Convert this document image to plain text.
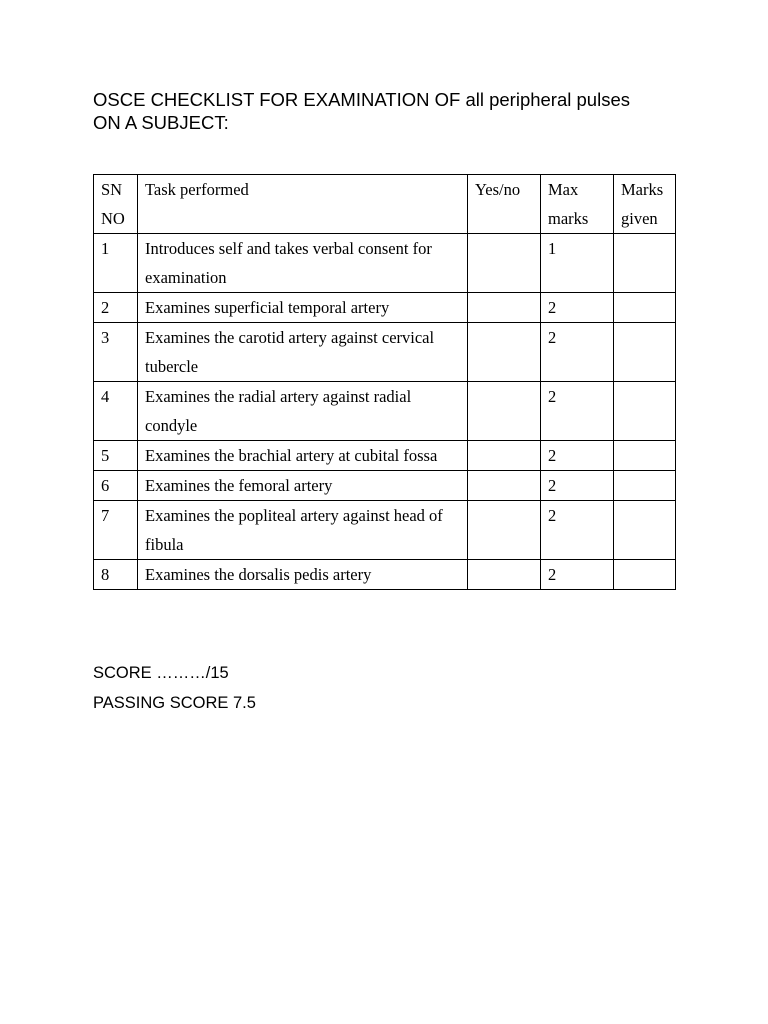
OSCE CHECKLIST FOR EXAMINATION OF all peripheral pulses
ON A SUBJECT:
SN NO	Task performed	Yes/no	Max marks	Marks given
1	Introduces self and takes verbal consent for examination		1	
2	Examines superficial temporal artery		2	
3	Examines the carotid artery against cervical tubercle		2	
4	Examines the radial artery against radial condyle		2	
5	Examines the brachial artery at cubital fossa		2	
6	Examines the femoral artery		2	
7	Examines the popliteal artery against head of fibula		2	
8	Examines the dorsalis pedis artery		2	
SCORE ………/15
PASSING SCORE 7.5
